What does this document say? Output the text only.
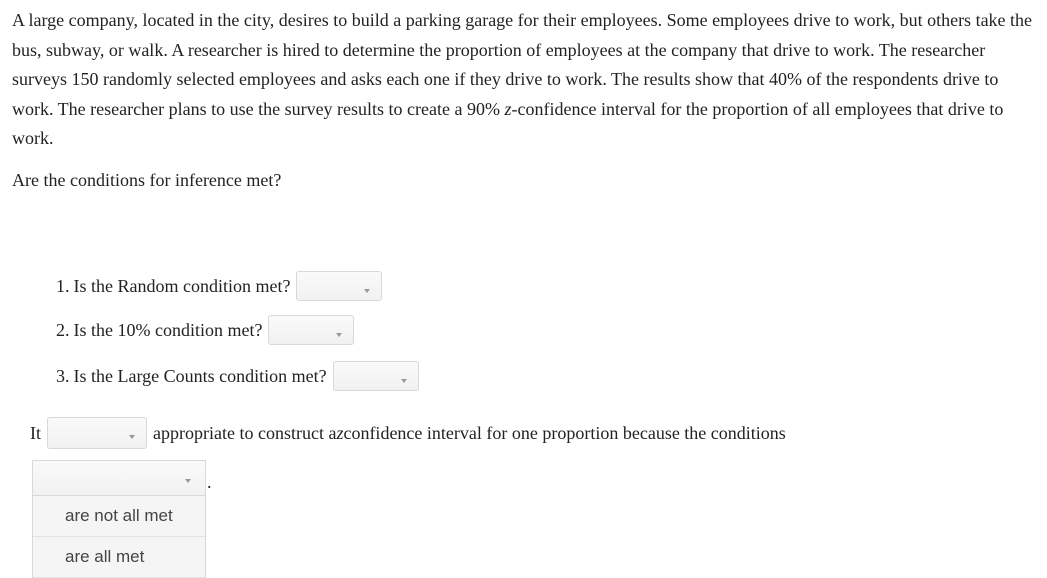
A large company, located in the city, desires to build a parking garage for their employees. Some employees drive to work, but others take the bus, subway, or walk. A researcher is hired to determine the proportion of employees at the company that drive to work. The researcher surveys 150 randomly selected employees and asks each one if they drive to work. The results show that 40% of the respondents drive to work. The researcher plans to use the survey results to create a 90% z-confidence interval for the proportion of all employees that drive to work.

Are the conditions for inference met?

1. Is the Random condition met?
2. Is the 10% condition met?
3. Is the Large Counts condition met?
It	appropriate to construct a z confidence interval for one proportion because the conditions
are not all met
are all met
.
